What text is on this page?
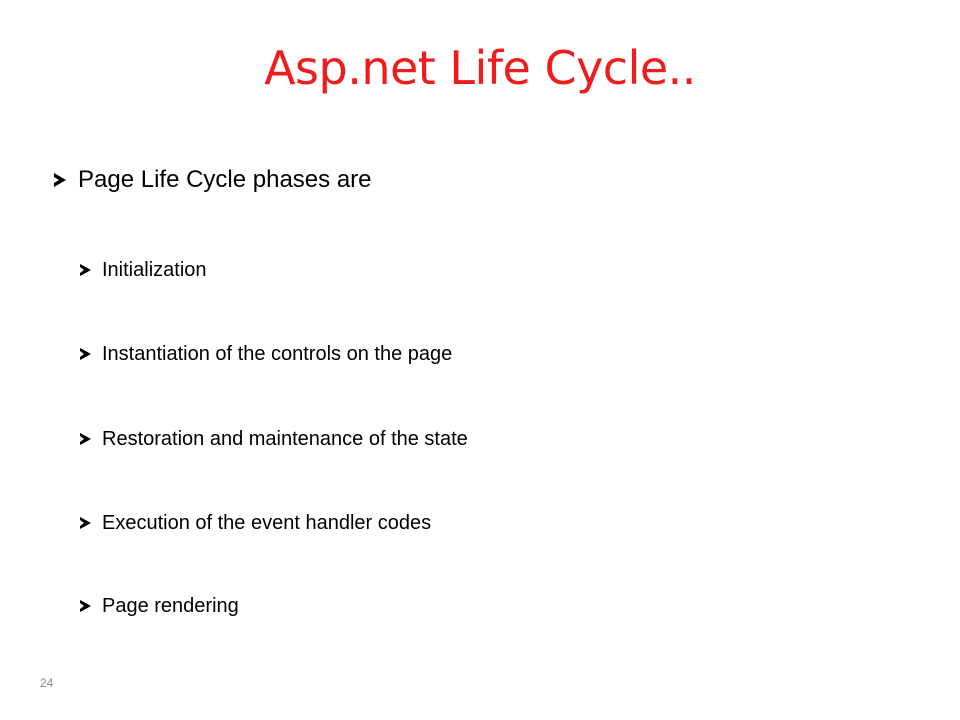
Asp.net Life Cycle..
Page Life Cycle phases are
Initialization
Instantiation of the controls on the page
Restoration and maintenance of the state
Execution of the event handler codes
Page rendering
24
